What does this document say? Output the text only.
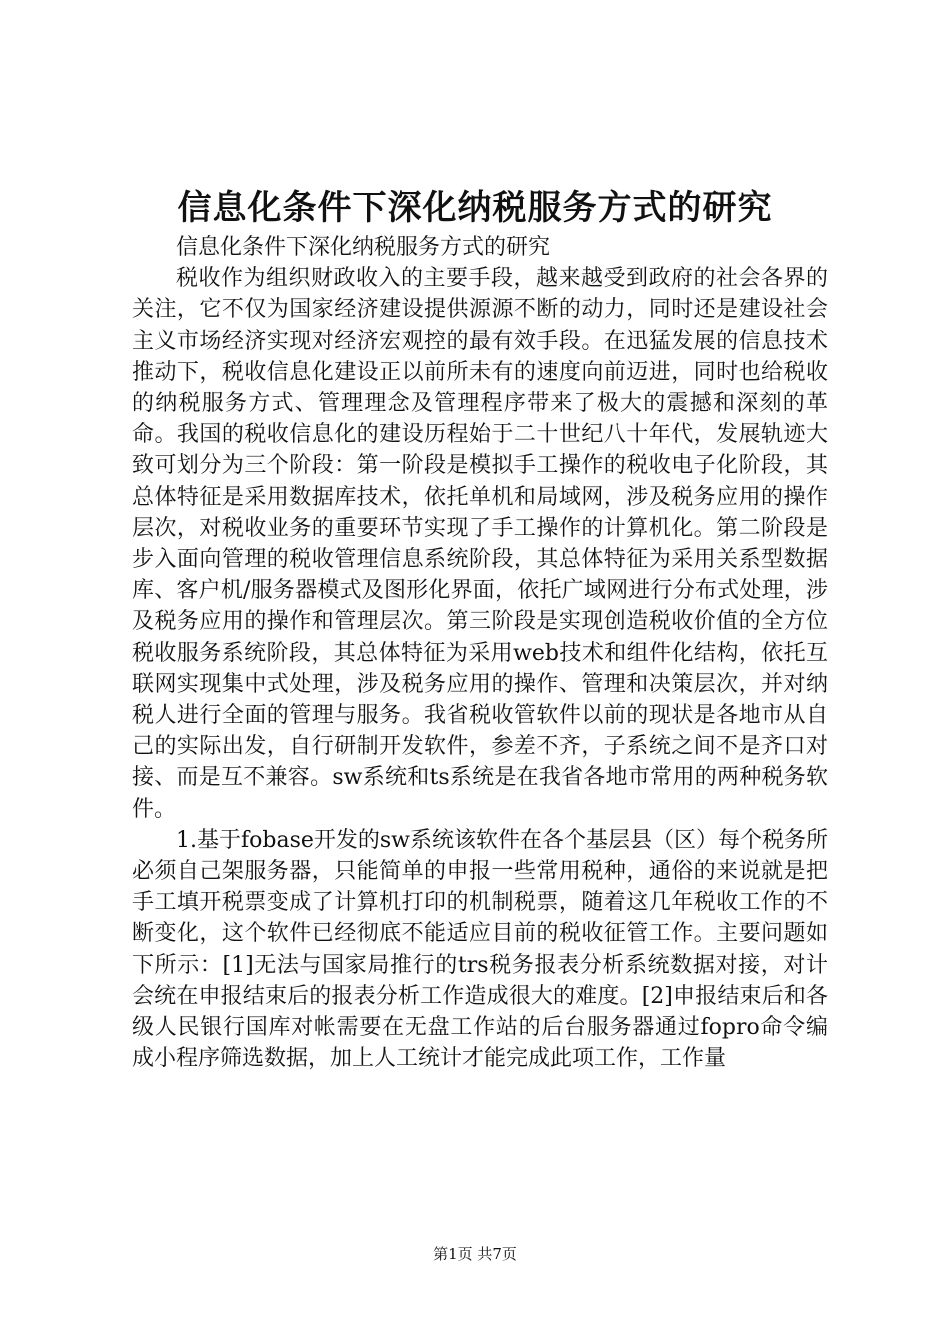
信息化条件下深化纳税服务方式的研究

信息化条件下深化纳税服务方式的研究

税收作为组织财政收入的主要手段，越来越受到政府的社会各界的关注，它不仅为国家经济建设提供源源不断的动力，同时还是建设社会主义市场经济实现对经济宏观控的最有效手段。在迅猛发展的信息技术推动下，税收信息化建设正以前所未有的速度向前迈进，同时也给税收的纳税服务方式、管理理念及管理程序带来了极大的震撼和深刻的革命。我国的税收信息化的建设历程始于二十世纪八十年代，发展轨迹大致可划分为三个阶段：第一阶段是模拟手工操作的税收电子化阶段，其总体特征是采用数据库技术，依托单机和局域网，涉及税务应用的操作层次，对税收业务的重要环节实现了手工操作的计算机化。第二阶段是步入面向管理的税收管理信息系统阶段，其总体特征为采用关系型数据库、客户机/服务器模式及图形化界面，依托广域网进行分布式处理，涉及税务应用的操作和管理层次。第三阶段是实现创造税收价值的全方位税收服务系统阶段，其总体特征为采用web技术和组件化结构，依托互联网实现集中式处理，涉及税务应用的操作、管理和决策层次，并对纳税人进行全面的管理与服务。我省税收管软件以前的现状是各地市从自己的实际出发，自行研制开发软件，参差不齐，子系统之间不是齐口对接、而是互不兼容。sw系统和ts系统是在我省各地市常用的两种税务软件。

1.基于fobase开发的sw系统该软件在各个基层县（区）每个税务所必须自己架服务器，只能简单的申报一些常用税种，通俗的来说就是把手工填开税票变成了计算机打印的机制税票，随着这几年税收工作的不断变化，这个软件已经彻底不能适应目前的税收征管工作。主要问题如下所示：[1]无法与国家局推行的trs税务报表分析系统数据对接，对计会统在申报结束后的报表分析工作造成很大的难度。[2]申报结束后和各级人民银行国库对帐需要在无盘工作站的后台服务器通过fopro命令编成小程序筛选数据，加上人工统计才能完成此项工作，工作量

第1页 共7页
